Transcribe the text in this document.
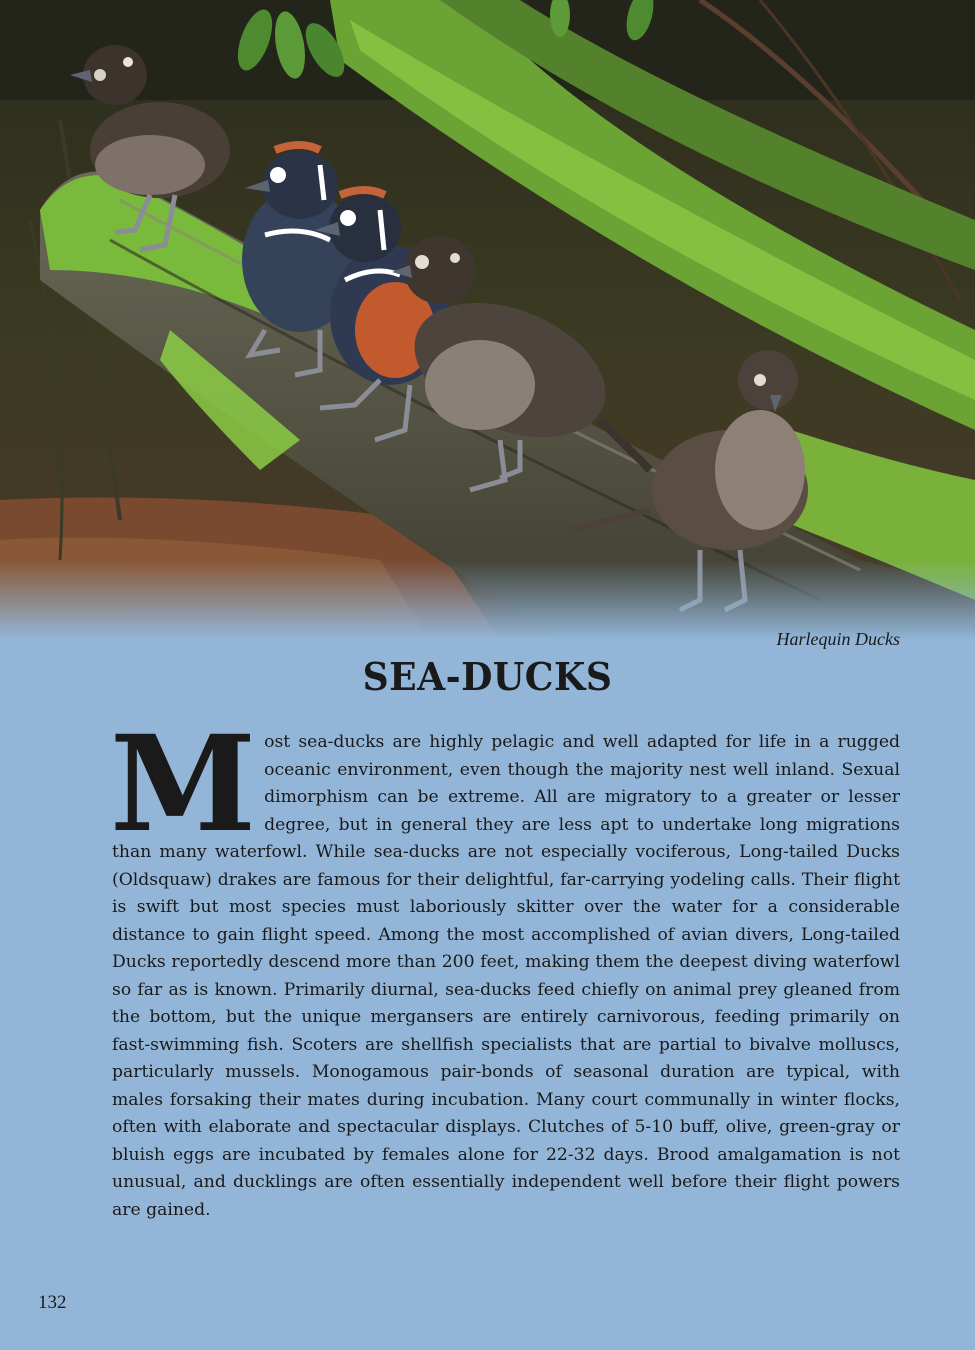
Harlequin Ducks
SEA-DUCKS

Most sea-ducks are highly pelagic and well adapted for life in a rugged oceanic environment, even though the majority nest well inland. Sexual dimorphism can be extreme. All are migratory to a greater or lesser degree, but in general they are less apt to undertake long migrations than many waterfowl. While sea-ducks are not especially vociferous, Long-tailed Ducks (Oldsquaw) drakes are famous for their delightful, far-carrying yodeling calls. Their flight is swift but most species must laboriously skitter over the water for a considerable distance to gain flight speed. Among the most accomplished of avian divers, Long-tailed Ducks reportedly descend more than 200 feet, making them the deepest diving waterfowl so far as is known. Primarily diurnal, sea-ducks feed chiefly on animal prey gleaned from the bottom, but the unique mergansers are entirely carnivorous, feeding primarily on fast-swimming fish. Scoters are shellfish specialists that are partial to bivalve molluscs, particularly mussels. Monogamous pair-bonds of seasonal duration are typical, with males forsaking their mates during incubation. Many court communally in winter flocks, often with elaborate and spectacular displays. Clutches of 5-10 buff, olive, green-gray or bluish eggs are incubated by females alone for 22-32 days. Brood amalgamation is not unusual, and ducklings are often essentially independent well before their flight powers are gained.

132
